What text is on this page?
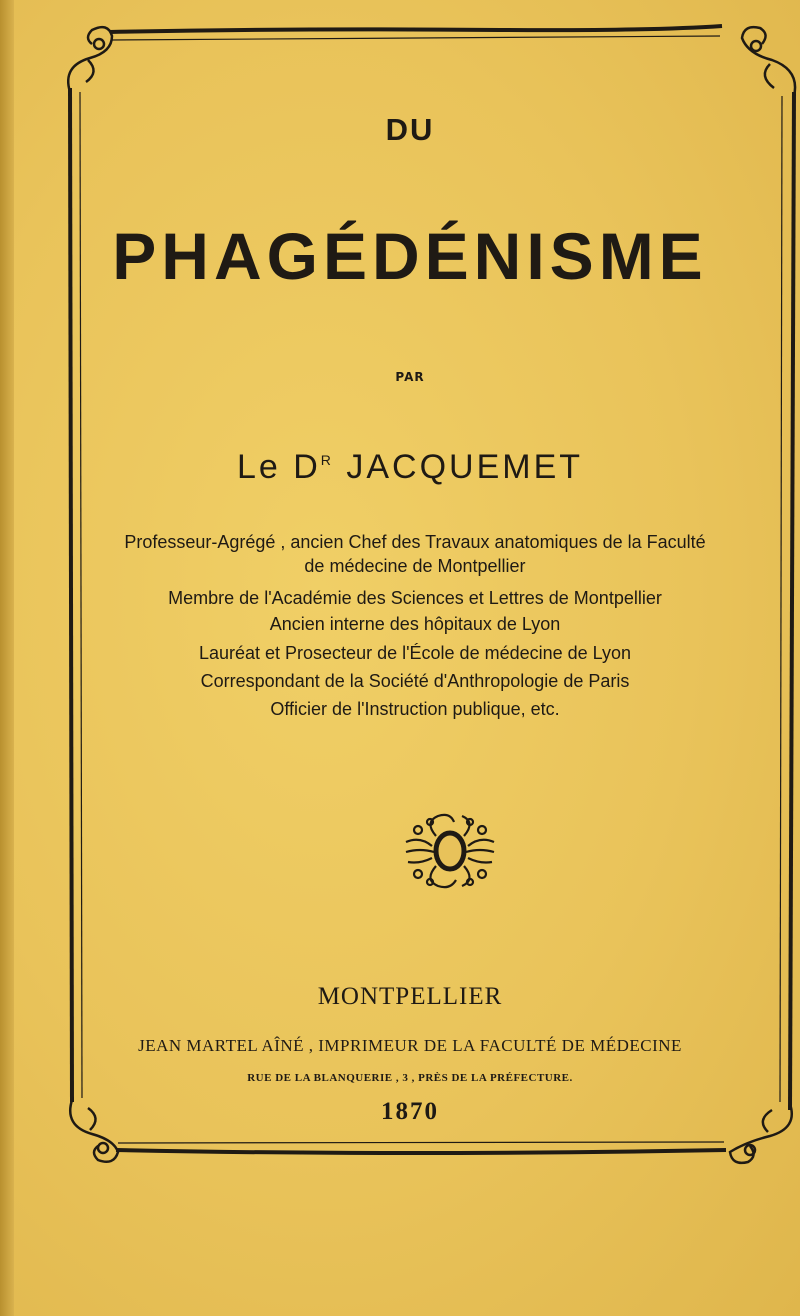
DU
PHAGÉDÉNISME
PAR
Le $D^R$ JACQUEMET

Professeur-Agrégé , ancien Chef des Travaux anatomiques de la Faculté

de médecine de Montpellier

Membre de l'Académie des Sciences et Lettres de Montpellier

Ancien interne des hôpitaux de Lyon

Lauréat et Prosecteur de l'École de médecine de Lyon

Correspondant de la Société d'Anthropologie de Paris

Officier de l'Instruction publique, etc.

MONTPELLIER
JEAN MARTEL AÎNÉ , IMPRIMEUR DE LA FACULTÉ DE MÉDECINE
RUE DE LA BLANQUERIE , 3 , PRÈS DE LA PRÉFECTURE.
1870
